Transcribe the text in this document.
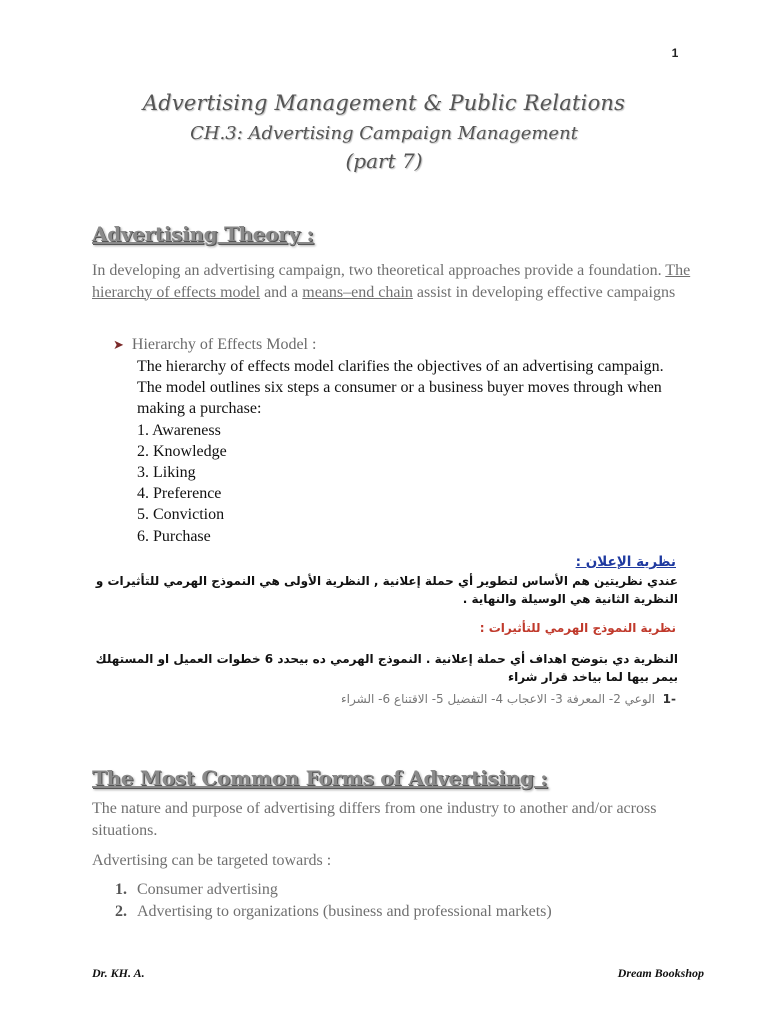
1
Advertising Management & Public Relations
CH.3: Advertising Campaign Management
(part 7)
Advertising Theory :
In developing an advertising campaign, two theoretical approaches provide a foundation. The hierarchy of effects model and a means–end chain assist in developing effective campaigns
➤ Hierarchy of Effects Model :
The hierarchy of effects model clarifies the objectives of an advertising campaign. The model outlines six steps a consumer or a business buyer moves through when making a purchase:
1. Awareness
2. Knowledge
3. Liking
4. Preference
5. Conviction
6. Purchase
نظرية الإعلان :
عندي نظريتين هم الأساس لتطوير أي حملة إعلانية , النظرية الأولى هي النموذج الهرمي للتأثيرات و النظرية الثانية هي الوسيلة والنهاية .
نظرية النموذج الهرمي للتأثيرات :
النظرية دي بتوضح اهداف أي حملة إعلانية . النموذج الهرمي ده بيحدد 6 خطوات العميل او المستهلك بيمر بيها لما بياخد قرار شراء
-1  الوعي 2- المعرفة 3- الاعجاب 4- التفضيل 5- الاقتناع 6- الشراء
The Most Common Forms of Advertising :
The nature and purpose of advertising differs from one industry to another and/or across situations.
Advertising can be targeted towards :
1. Consumer advertising
2. Advertising to organizations (business and professional markets)
Dr. KH. A.	Dream Bookshop
